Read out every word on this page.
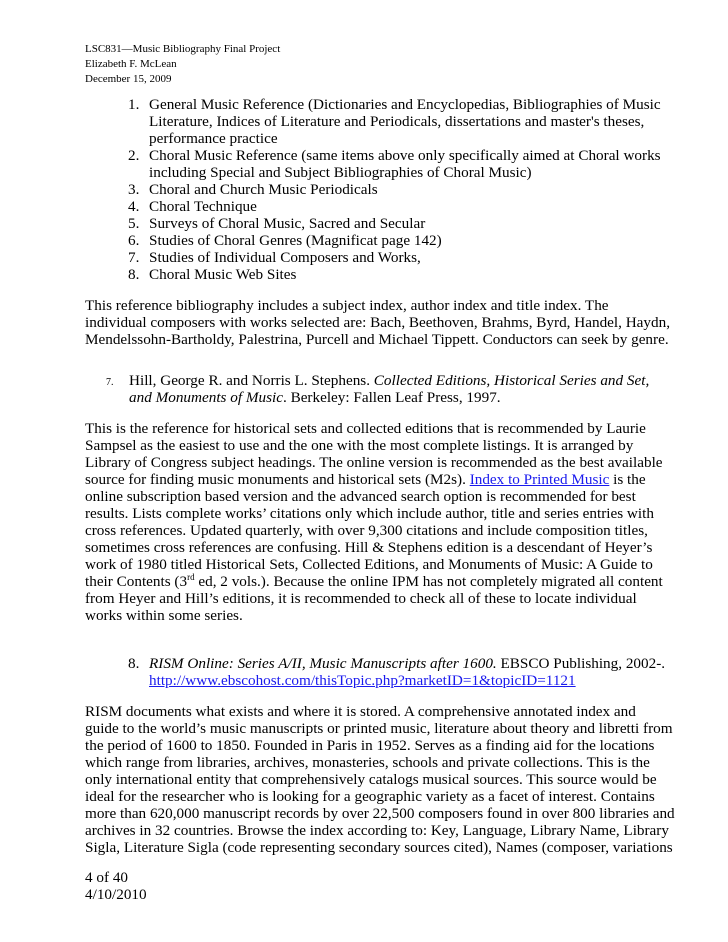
LSC831—Music Bibliography Final Project
Elizabeth F. McLean
December 15, 2009
1. General Music Reference (Dictionaries and Encyclopedias, Bibliographies of Music
Literature, Indices of Literature and Periodicals, dissertations and master's theses,
performance practice
2. Choral Music Reference (same items above only specifically aimed at Choral works
including Special and Subject Bibliographies of Choral Music)
3. Choral and Church Music Periodicals
4. Choral Technique
5. Surveys of Choral Music, Sacred and Secular
6. Studies of Choral Genres (Magnificat page 142)
7. Studies of Individual Composers and Works,
8. Choral Music Web Sites
This reference bibliography includes a subject index, author index and title index. The
individual composers with works selected are: Bach, Beethoven, Brahms, Byrd, Handel, Haydn,
Mendelssohn-Bartholdy, Palestrina, Purcell and Michael Tippett. Conductors can seek by genre.
7. Hill, George R. and Norris L. Stephens. Collected Editions, Historical Series and Set,
and Monuments of Music. Berkeley: Fallen Leaf Press, 1997.
This is the reference for historical sets and collected editions that is recommended by Laurie
Sampsel as the easiest to use and the one with the most complete listings. It is arranged by
Library of Congress subject headings. The online version is recommended as the best available
source for finding music monuments and historical sets (M2s). Index to Printed Music is the
online subscription based version and the advanced search option is recommended for best
results. Lists complete works’ citations only which include author, title and series entries with
cross references. Updated quarterly, with over 9,300 citations and include composition titles,
sometimes cross references are confusing. Hill & Stephens edition is a descendant of Heyer’s
work of 1980 titled Historical Sets, Collected Editions, and Monuments of Music: A Guide to
their Contents (3rd ed, 2 vols.). Because the online IPM has not completely migrated all content
from Heyer and Hill’s editions, it is recommended to check all of these to locate individual
works within some series.
8. RISM Online: Series A/II, Music Manuscripts after 1600. EBSCO Publishing, 2002-.
http://www.ebscohost.com/thisTopic.php?marketID=1&topicID=1121
RISM documents what exists and where it is stored. A comprehensive annotated index and
guide to the world’s music manuscripts or printed music, literature about theory and libretti from
the period of 1600 to 1850. Founded in Paris in 1952. Serves as a finding aid for the locations
which range from libraries, archives, monasteries, schools and private collections. This is the
only international entity that comprehensively catalogs musical sources. This source would be
ideal for the researcher who is looking for a geographic variety as a facet of interest. Contains
more than 620,000 manuscript records by over 22,500 composers found in over 800 libraries and
archives in 32 countries. Browse the index according to: Key, Language, Library Name, Library
Sigla, Literature Sigla (code representing secondary sources cited), Names (composer, variations
4 of 40
4/10/2010
